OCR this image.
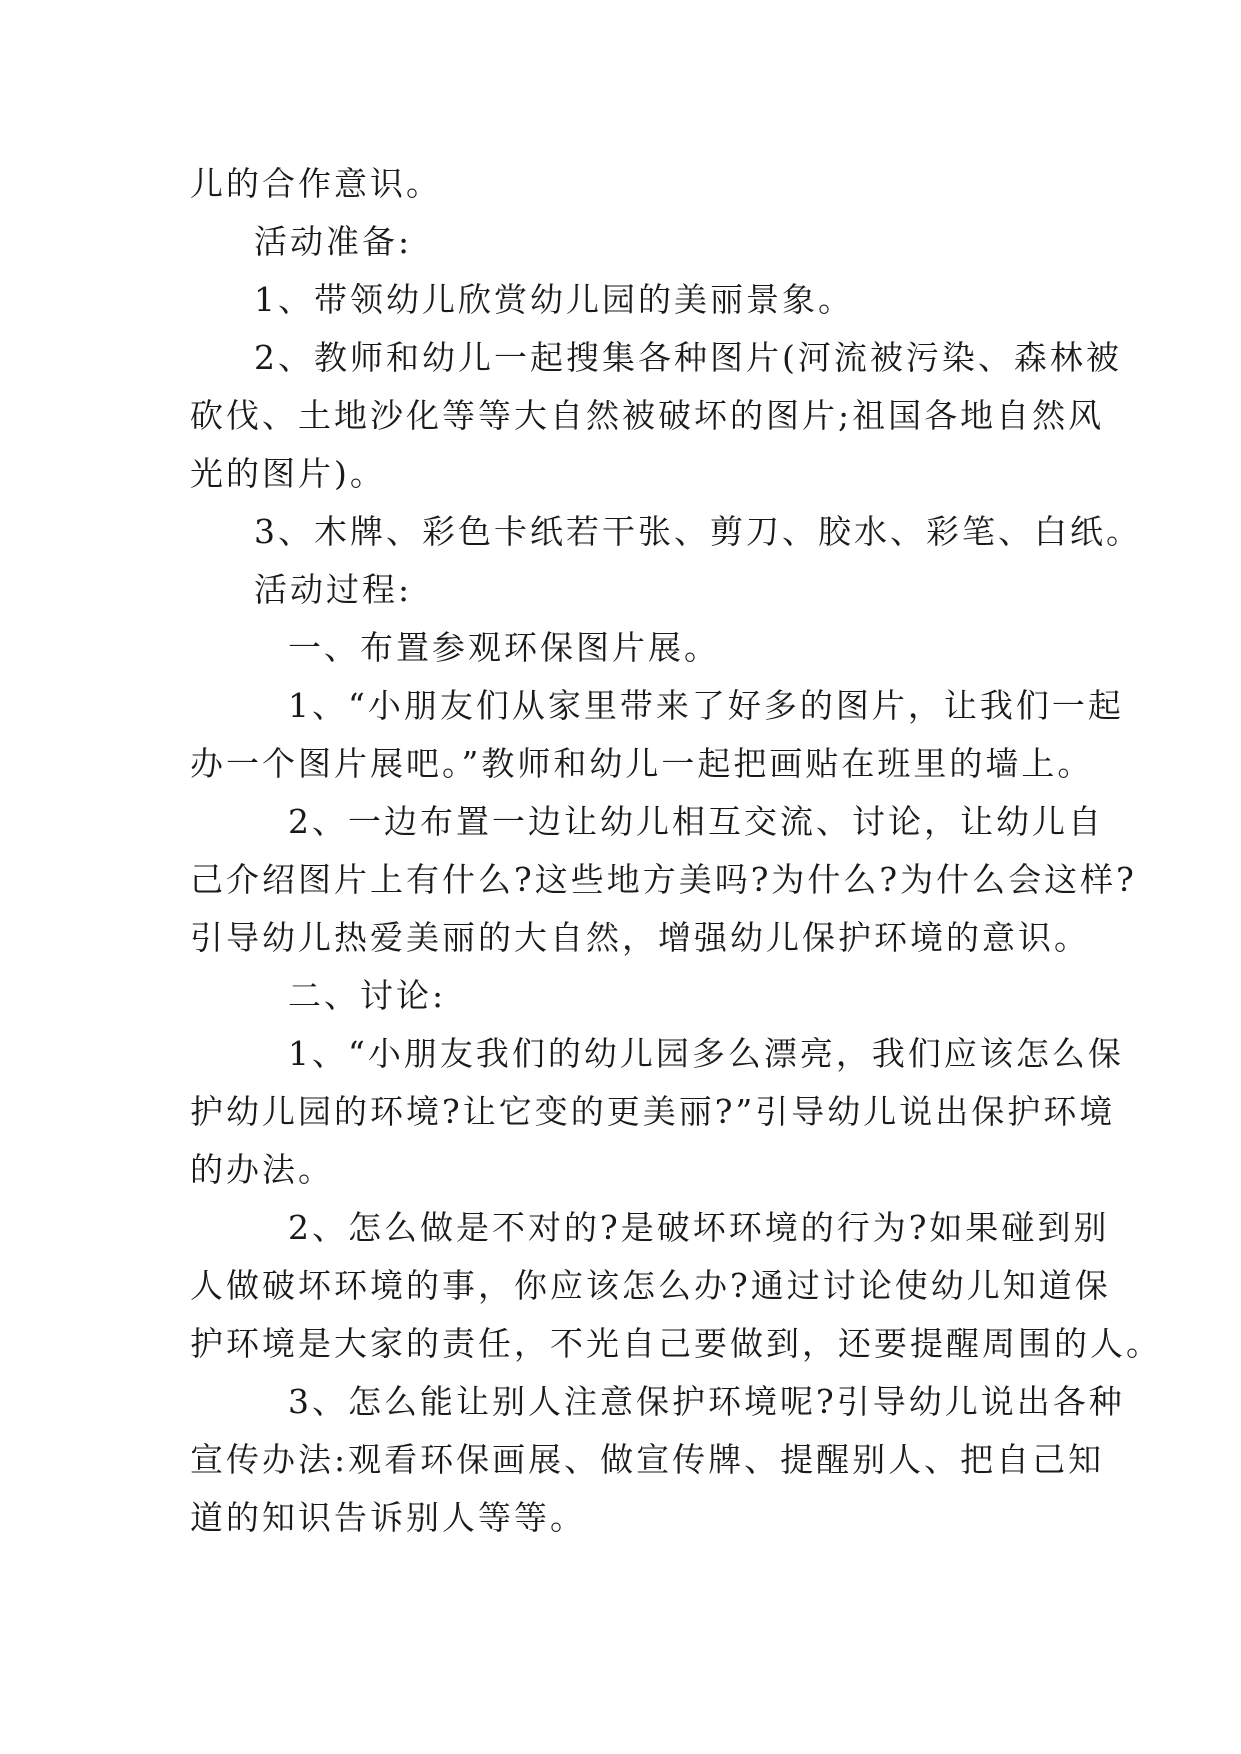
儿的合作意识。
活动准备:
1、带领幼儿欣赏幼儿园的美丽景象。
2、教师和幼儿一起搜集各种图片(河流被污染、森林被
砍伐、土地沙化等等大自然被破坏的图片;祖国各地自然风
光的图片)。
3、木牌、彩色卡纸若干张、剪刀、胶水、彩笔、白纸。
活动过程:
一、布置参观环保图片展。
1、“小朋友们从家里带来了好多的图片，让我们一起
办一个图片展吧。”教师和幼儿一起把画贴在班里的墙上。
2、一边布置一边让幼儿相互交流、讨论，让幼儿自
己介绍图片上有什么?这些地方美吗?为什么?为什么会这样?
引导幼儿热爱美丽的大自然，增强幼儿保护环境的意识。
二、讨论:
1、“小朋友我们的幼儿园多么漂亮，我们应该怎么保
护幼儿园的环境?让它变的更美丽?”引导幼儿说出保护环境
的办法。
2、怎么做是不对的?是破坏环境的行为?如果碰到别
人做破坏环境的事，你应该怎么办?通过讨论使幼儿知道保
护环境是大家的责任，不光自己要做到，还要提醒周围的人。
3、怎么能让别人注意保护环境呢?引导幼儿说出各种
宣传办法:观看环保画展、做宣传牌、提醒别人、把自己知
道的知识告诉别人等等。
